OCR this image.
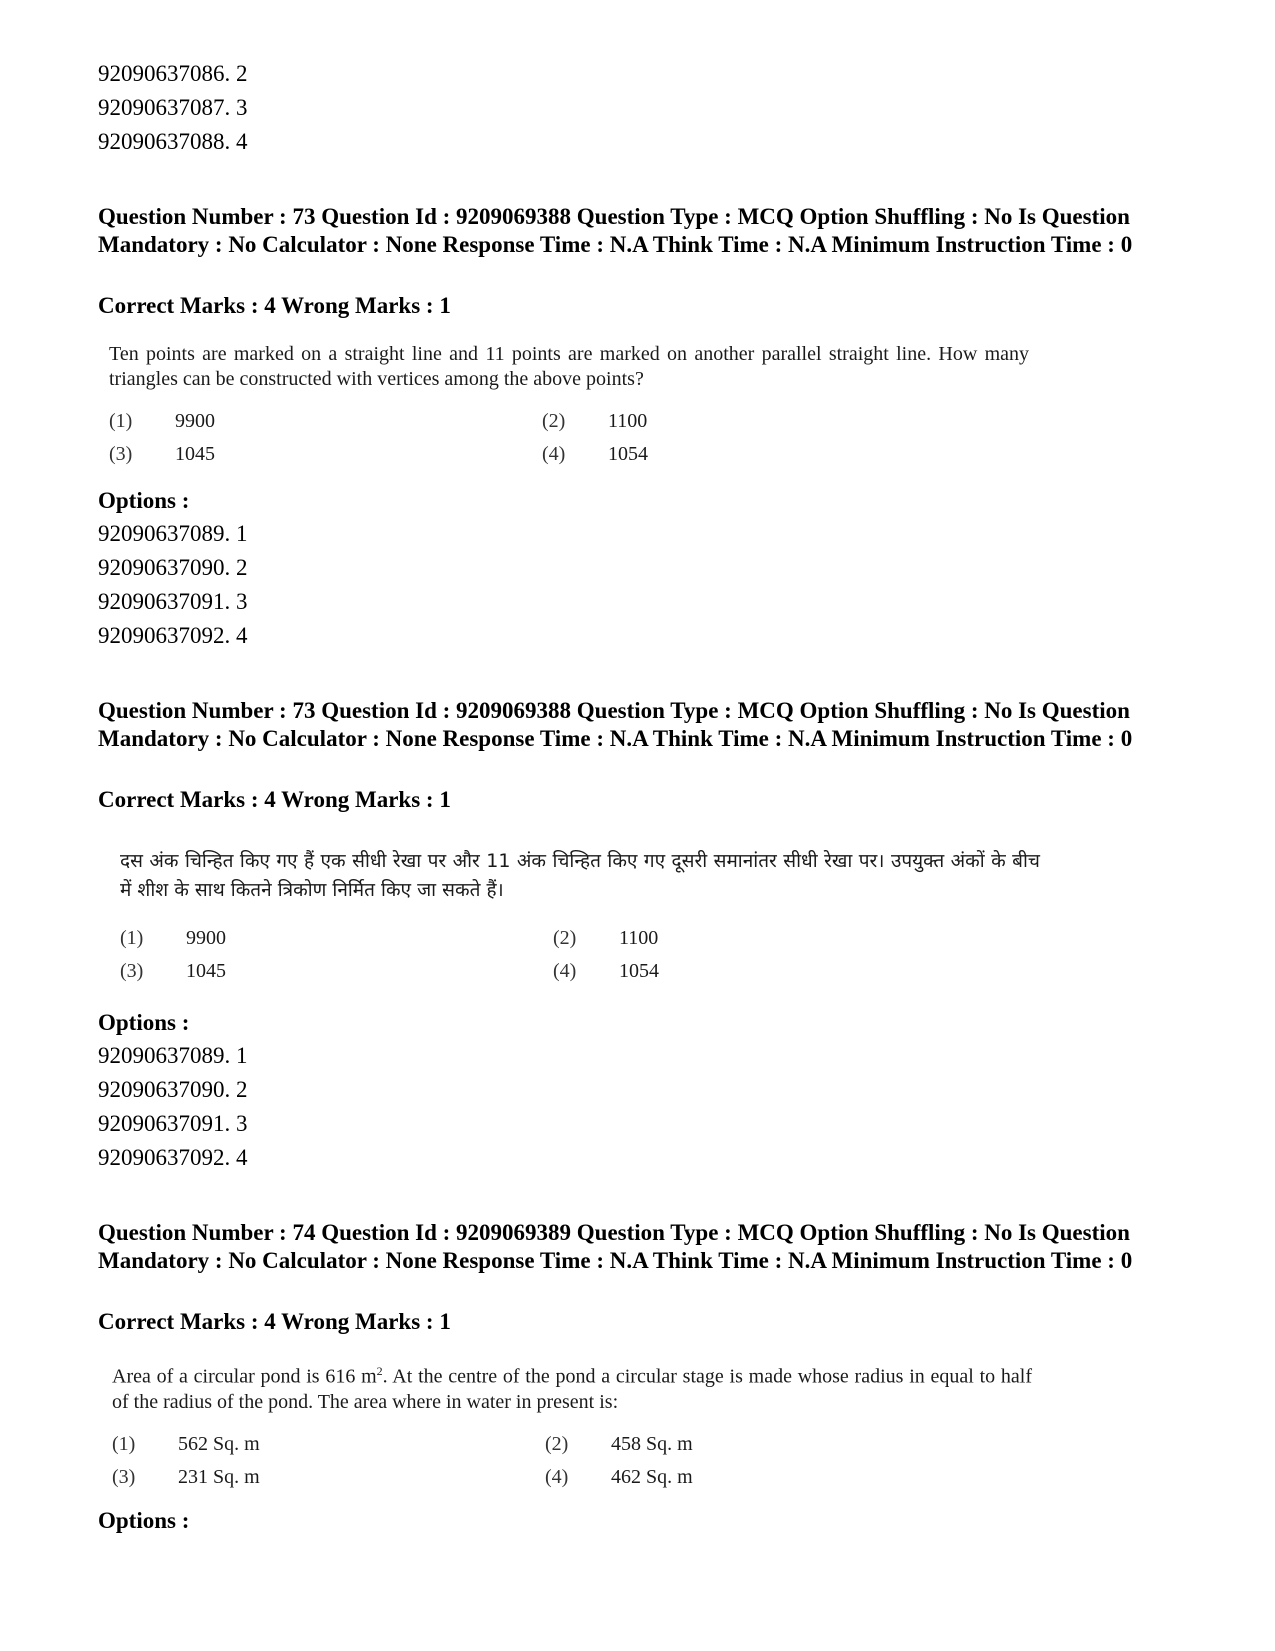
92090637086. 2
92090637087. 3
92090637088. 4
Question Number : 73 Question Id : 9209069388 Question Type : MCQ Option Shuffling : No Is Question Mandatory : No Calculator : None Response Time : N.A Think Time : N.A Minimum Instruction Time : 0
Correct Marks : 4 Wrong Marks : 1
Ten points are marked on a straight line and 11 points are marked on another parallel straight line. How many triangles can be constructed with vertices among the above points?
(1) 9900	(2) 1100
(3) 1045	(4) 1054
Options :
92090637089. 1
92090637090. 2
92090637091. 3
92090637092. 4
Question Number : 73 Question Id : 9209069388 Question Type : MCQ Option Shuffling : No Is Question Mandatory : No Calculator : None Response Time : N.A Think Time : N.A Minimum Instruction Time : 0
Correct Marks : 4 Wrong Marks : 1
दस अंक चिन्हित किए गए हैं एक सीधी रेखा पर और 11 अंक चिन्हित किए गए दूसरी समानांतर सीधी रेखा पर। उपयुक्त अंकों के बीच में शीश के साथ कितने त्रिकोण निर्मित किए जा सकते हैं।
(1) 9900	(2) 1100
(3) 1045	(4) 1054
Options :
92090637089. 1
92090637090. 2
92090637091. 3
92090637092. 4
Question Number : 74 Question Id : 9209069389 Question Type : MCQ Option Shuffling : No Is Question Mandatory : No Calculator : None Response Time : N.A Think Time : N.A Minimum Instruction Time : 0
Correct Marks : 4 Wrong Marks : 1
Area of a circular pond is 616 $m^2$. At the centre of the pond a circular stage is made whose radius in equal to half of the radius of the pond. The area where in water in present is:
(1) 562 Sq. m	(2) 458 Sq. m
(3) 231 Sq. m	(4) 462 Sq. m
Options :
